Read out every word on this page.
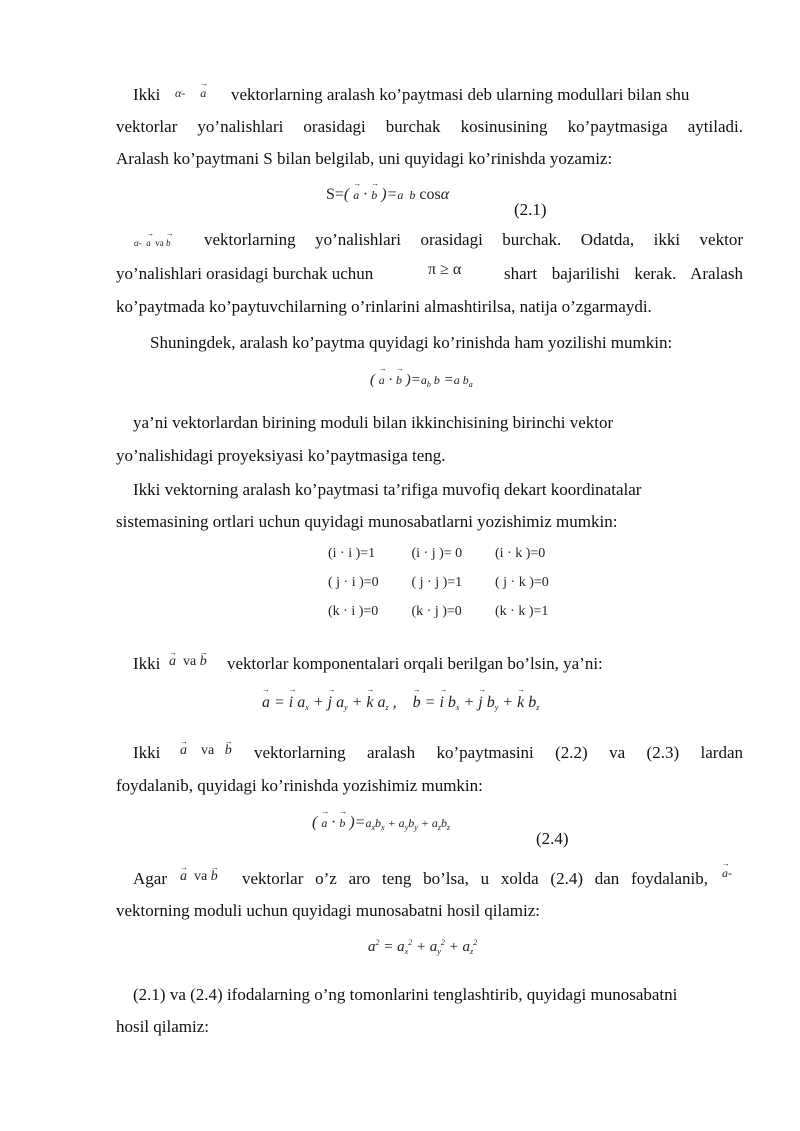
Ikki α‑     → a vektorlarning aralash ko’paytmasi deb ularning modullari bilan shu
vektorlar yo’nalishlari orasidagi burchak kosinusining ko’paytmasiga aytiladi.
Aralash ko’paytmani S bilan belgilab, uni quyidagi ko’rinishda yozamiz:
S=( → a · → b )=a  b cosα
(2.1)
α‑  → a va → b vektorlarning yo’nalishlari orasidagi burchak. Odatda, ikki vektor
yo’nalishlari orasidagi burchak uchun	π ≥ α	shart bajarilishi kerak. Aralash
ko’paytmada ko’paytuvchilarning o’rinlarini almashtirilsa, natija o’zgarmaydi.
Shuningdek, aralash ko’paytma quyidagi ko’rinishda ham yozilishi mumkin:
( → a · → b )$=a_b$ b =a $b_a$
ya’ni vektorlardan birining moduli bilan ikkinchisining birinchi vektor
yo’nalishidagi proyeksiyasi ko’paytmasiga teng.
Ikki vektorning aralash ko’paytmasi ta’rifiga muvofiq dekart koordinatalar
sistemasining ortlari uchun quyidagi munosabatlarni yozishimiz mumkin:
(i · i )=1	(i · j )= 0 (i · k )=0
( j · i )=0 ( j · j )=1 ( j · k )=0
(k · i )=0 (k · j )=0 (k · k )=1
Ikki → a va → b vektorlar komponentalari orqali berilgan bo’lsin, ya’ni:
→ a = → i $a_x$ + → j $a_y$ + → k $a_z$ ,    → b = → i $b_x$ + → j $b_y$ + → k $b_z$
Ikki → a va → b vektorlarning aralash ko’paytmasini (2.2) va (2.3) lardan
foydalanib, quyidagi ko’rinishda yozishimiz mumkin:
( → a · → b )$=a_xb_x + a_yb_y + a_zb_z$
(2.4)
Agar → a va → b vektorlar o’z aro teng bo’lsa, u xolda (2.4) dan foydalanib, → a‑
vektorning moduli uchun quyidagi munosabatni hosil qilamiz:
$a^2 = a_x^2 + a_y^2 + a_z^2$
(2.1) va (2.4) ifodalarning o’ng tomonlarini tenglashtirib, quyidagi munosabatni
hosil qilamiz:
